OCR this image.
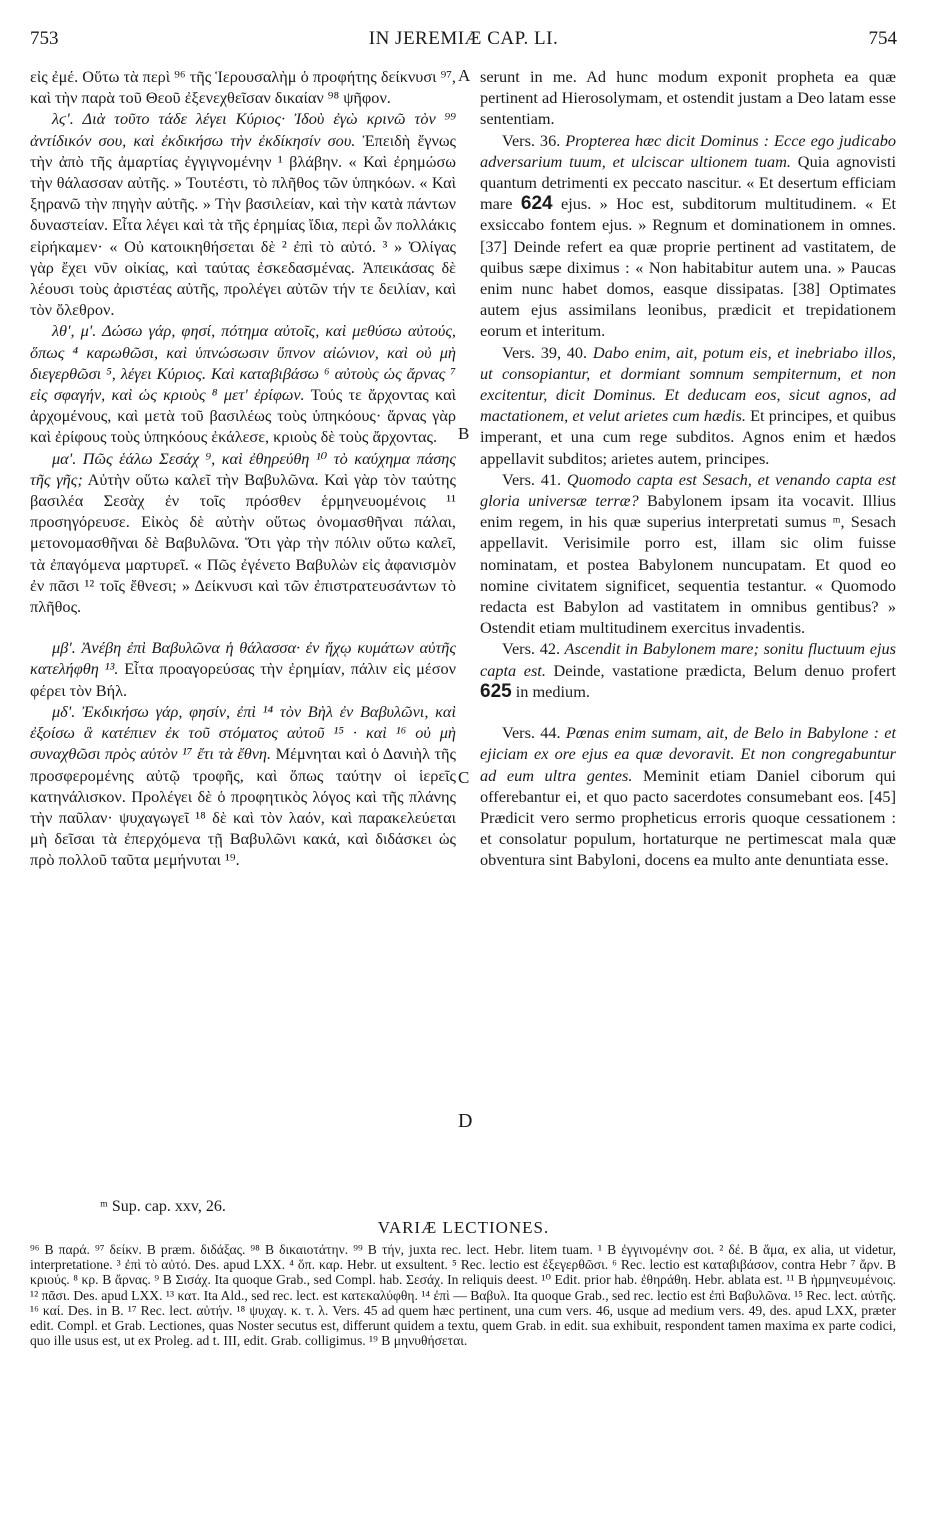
753	IN JEREMIÆ CAP. LI.	754

εἰς ἐμέ. Οὕτω τὰ περὶ ⁹⁶ τῆς Ἱερουσαλὴμ ὁ προφήτης δείκνυσι ⁹⁷, καὶ τὴν παρὰ τοῦ Θεοῦ ἐξενεχθεῖσαν δικαίαν ⁹⁸ ψῆφον.

λϛ'. Διὰ τοῦτο τάδε λέγει Κύριος· Ἰδοὺ ἐγὼ κρινῶ τὸν ⁹⁹ ἀντίδικόν σου, καὶ ἐκδικήσω τὴν ἐκδίκησίν σου. Ἐπειδὴ ἔγνως τὴν ἀπὸ τῆς ἁμαρτίας ἐγγιγνομένην ¹ βλάβην. « Καὶ ἐρημώσω τὴν θάλασσαν αὐτῆς. » Τουτέστι, τὸ πλῆθος τῶν ὑπηκόων. « Καὶ ξηρανῶ τὴν πηγὴν αὐτῆς. » Τὴν βασιλείαν, καὶ τὴν κατὰ πάντων δυναστείαν. Εἶτα λέγει καὶ τὰ τῆς ἐρημίας ἴδια, περὶ ὧν πολλάκις εἰρήκαμεν· « Οὐ κατοικηθήσεται δὲ ² ἐπὶ τὸ αὐτό. ³ » Ὀλίγας γὰρ ἔχει νῦν οἰκίας, καὶ ταύτας ἐσκεδασμένας. Ἀπεικάσας δὲ λέουσι τοὺς ἀριστέας αὐτῆς, προλέγει αὐτῶν τήν τε δειλίαν, καὶ τὸν ὄλεθρον.

λθ', μ'. Δώσω γάρ, φησί, πότημα αὐτοῖς, καὶ μεθύσω αὐτούς, ὅπως ⁴ καρωθῶσι, καὶ ὑπνώσωσιν ὕπνον αἰώνιον, καὶ οὐ μὴ διεγερθῶσι ⁵, λέγει Κύριος. Καὶ καταβιβάσω ⁶ αὐτοὺς ὡς ἄρνας ⁷ εἰς σφαγήν, καὶ ὡς κριοὺς ⁸ μετ' ἐρίφων. Τούς τε ἄρχοντας καὶ ἀρχομένους, καὶ μετὰ τοῦ βασιλέως τοὺς ὑπηκόους· ἄρνας γὰρ καὶ ἐρίφους τοὺς ὑπηκόους ἐκάλεσε, κριοὺς δὲ τοὺς ἄρχοντας.

μα'. Πῶς ἑάλω Σεσάχ ⁹, καὶ ἐθηρεύθη ¹⁰ τὸ καύχημα πάσης τῆς γῆς; Αὐτὴν οὕτω καλεῖ τὴν Βαβυλῶνα. Καὶ γὰρ τὸν ταύτης βασιλέα Σεσὰχ ἐν τοῖς πρόσθεν ἑρμηνευομένοις ¹¹ προσηγόρευσε. Εἰκὸς δὲ αὐτὴν οὕτως ὀνομασθῆναι πάλαι, μετονομασθῆναι δὲ Βαβυλῶνα. Ὅτι γὰρ τὴν πόλιν οὕτω καλεῖ, τὰ ἐπαγόμενα μαρτυρεῖ. « Πῶς ἐγένετο Βαβυλὼν εἰς ἀφανισμὸν ἐν πᾶσι ¹² τοῖς ἔθνεσι; » Δείκνυσι καὶ τῶν ἐπιστρατευσάντων τὸ πλῆθος.

μβ'. Ἀνέβη ἐπὶ Βαβυλῶνα ἡ θάλασσα· ἐν ἤχῳ κυμάτων αὐτῆς κατελήφθη ¹³. Εἶτα προαγορεύσας τὴν ἐρημίαν, πάλιν εἰς μέσον φέρει τὸν Βήλ.

μδ'. Ἐκδικήσω γάρ, φησίν, ἐπὶ ¹⁴ τὸν Βὴλ ἐν Βαβυλῶνι, καὶ ἐξοίσω ἃ κατέπιεν ἐκ τοῦ στόματος αὐτοῦ ¹⁵ · καὶ ¹⁶ οὐ μὴ συναχθῶσι πρὸς αὐτὸν ¹⁷ ἔτι τὰ ἔθνη. Μέμνηται καὶ ὁ Δανιὴλ τῆς προσφερομένης αὐτῷ τροφῆς, καὶ ὅπως ταύτην οἱ ἱερεῖς κατηνάλισκον. Προλέγει δὲ ὁ προφητικὸς λόγος καὶ τῆς πλάνης τὴν παῦλαν· ψυχαγωγεῖ ¹⁸ δὲ καὶ τὸν λαόν, καὶ παρακελεύεται μὴ δεῖσαι τὰ ἐπερχόμενα τῇ Βαβυλῶνι κακά, καὶ διδάσκει ὡς πρὸ πολλοῦ ταῦτα μεμήνυται ¹⁹.

A
B
C
D

serunt in me. Ad hunc modum exponit propheta ea quæ pertinent ad Hierosolymam, et ostendit justam a Deo latam esse sententiam.

Vers. 36. Propterea hæc dicit Dominus : Ecce ego judicabo adversarium tuum, et ulciscar ultionem tuam. Quia agnovisti quantum detrimenti ex peccato nascitur. « Et desertum efficiam mare 624 ejus. » Hoc est, subditorum multitudinem. « Et exsiccabo fontem ejus. » Regnum et dominationem in omnes. [37] Deinde refert ea quæ proprie pertinent ad vastitatem, de quibus sæpe diximus : « Non habitabitur autem una. » Paucas enim nunc habet domos, easque dissipatas. [38] Optimates autem ejus assimilans leonibus, prædicit et trepidationem eorum et interitum.

Vers. 39, 40. Dabo enim, ait, potum eis, et inebriabo illos, ut consopiantur, et dormiant somnum sempiternum, et non excitentur, dicit Dominus. Et deducam eos, sicut agnos, ad mactationem, et velut arietes cum hædis. Et principes, et quibus imperant, et una cum rege subditos. Agnos enim et hædos appellavit subditos; arietes autem, principes.

Vers. 41. Quomodo capta est Sesach, et venando capta est gloria universæ terræ? Babylonem ipsam ita vocavit. Illius enim regem, in his quæ superius interpretati sumus ᵐ, Sesach appellavit. Verisimile porro est, illam sic olim fuisse nominatam, et postea Babylonem nuncupatam. Et quod eo nomine civitatem significet, sequentia testantur. « Quomodo redacta est Babylon ad vastitatem in omnibus gentibus? » Ostendit etiam multitudinem exercitus invadentis.

Vers. 42. Ascendit in Babylonem mare; sonitu fluctuum ejus capta est. Deinde, vastatione prædicta, Belum denuo profert 625 in medium.

Vers. 44. Pœnas enim sumam, ait, de Belo in Babylone : et ejiciam ex ore ejus ea quæ devoravit. Et non congregabuntur ad eum ultra gentes. Meminit etiam Daniel ciborum qui offerebantur ei, et quo pacto sacerdotes consumebant eos. [45] Prædicit vero sermo propheticus erroris quoque cessationem : et consolatur populum, hortaturque ne pertimescat mala quæ obventura sint Babyloni, docens ea multo ante denuntiata esse.

ᵐ Sup. cap. xxv, 26.
VARIÆ LECTIONES.
⁹⁶ B παρά. ⁹⁷ δείκν. B præm. διδάξας. ⁹⁸ B δικαιοτάτην. ⁹⁹ B τήν, juxta rec. lect. Hebr. litem tuam. ¹ B ἐγγινομένην σοι. ² δέ. B ἅμα, ex alia, ut videtur, interpretatione. ³ ἐπὶ τὸ αὐτό. Des. apud LXX. ⁴ ὅπ. καρ. Hebr. ut exsultent. ⁵ Rec. lectio est ἐξεγερθῶσι. ⁶ Rec. lectio est καταβιβάσον, contra Hebr ⁷ ἄρν. B κριούς. ⁸ κρ. B ἄρνας. ⁹ B Σισάχ. Ita quoque Grab., sed Compl. hab. Σεσάχ. In reliquis deest. ¹⁰ Edit. prior hab. ἐθηράθη. Hebr. ablata est. ¹¹ B ἡρμηνευμένοις. ¹² πᾶσι. Des. apud LXX. ¹³ κατ. Ita Ald., sed rec. lect. est κατεκαλύφθη. ¹⁴ ἐπὶ — Βαβυλ. Ita quoque Grab., sed rec. lectio est ἐπὶ Βαβυλῶνα. ¹⁵ Rec. lect. αὐτῆς. ¹⁶ καί. Des. in B. ¹⁷ Rec. lect. αὐτήν. ¹⁸ ψυχαγ. κ. τ. λ. Vers. 45 ad quem hæc pertinent, una cum vers. 46, usque ad medium vers. 49, des. apud LXX, præter edit. Compl. et Grab. Lectiones, quas Noster secutus est, differunt quidem a textu, quem Grab. in edit. sua exhibuit, respondent tamen maxima ex parte codici, quo ille usus est, ut ex Proleg. ad t. III, edit. Grab. colligimus. ¹⁹ B μηνυθήσεται.
